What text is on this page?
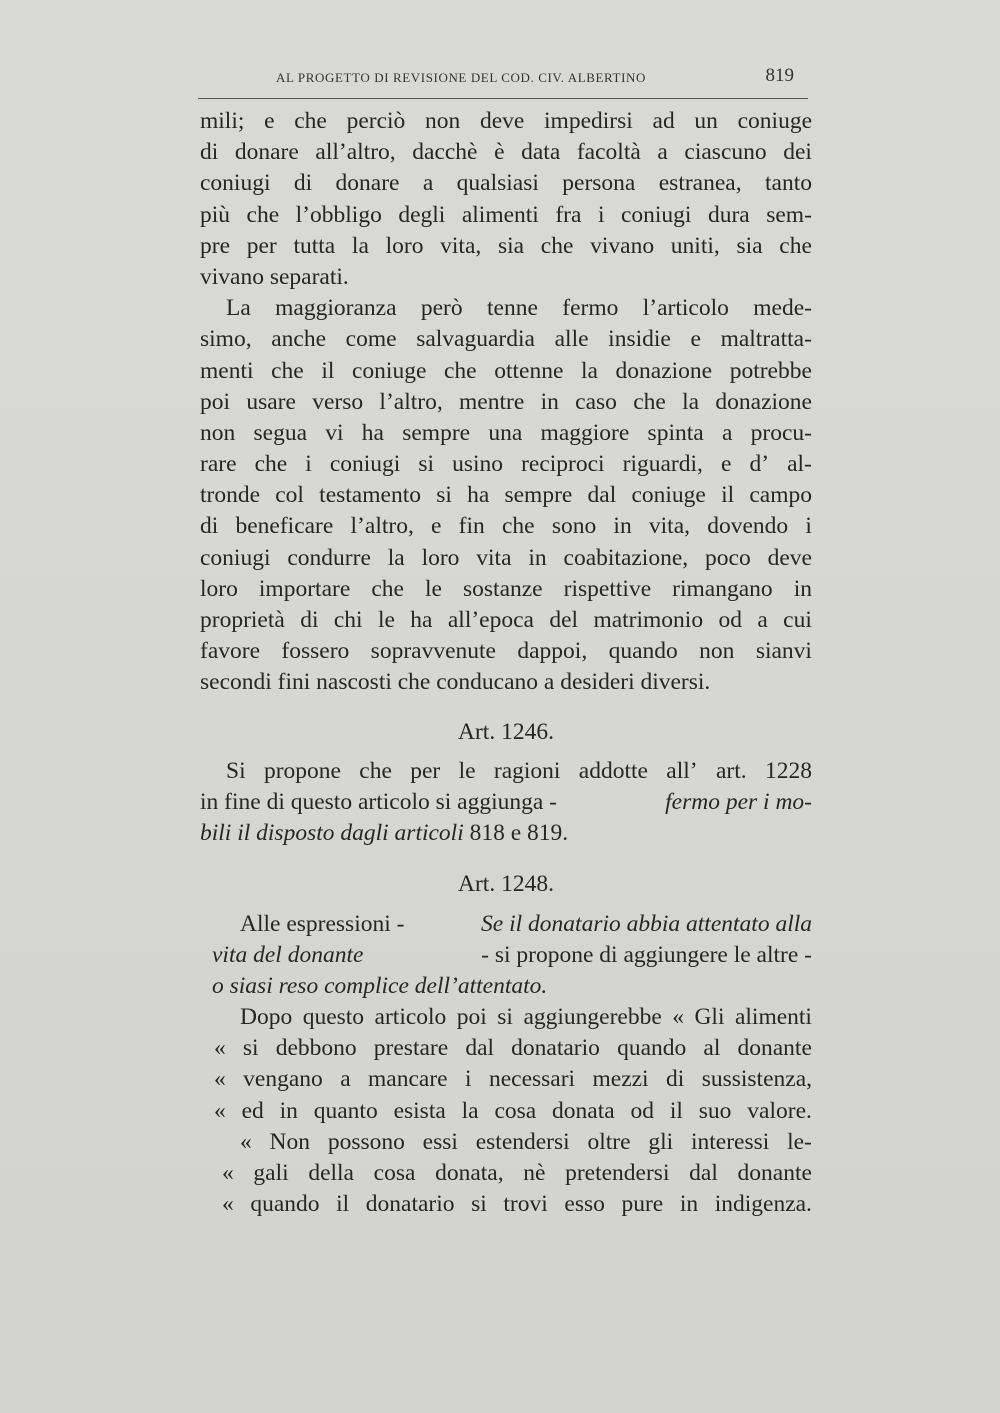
AL PROGETTO DI REVISIONE DEL COD. CIV. ALBERTINO	819
mili; e che perciò non deve impedirsi ad un coniuge
di donare all’altro, dacchè è data facoltà a ciascuno dei
coniugi di donare a qualsiasi persona estranea, tanto
più che l’obbligo degli alimenti fra i coniugi dura sem-
pre per tutta la loro vita, sia che vivano uniti, sia che
vivano separati.
La maggioranza però tenne fermo l’articolo mede-
simo, anche come salvaguardia alle insidie e maltratta-
menti che il coniuge che ottenne la donazione potrebbe
poi usare verso l’altro, mentre in caso che la donazione
non segua vi ha sempre una maggiore spinta a procu-
rare che i coniugi si usino reciproci riguardi, e d’ al-
tronde col testamento si ha sempre dal coniuge il campo
di beneficare l’altro, e fin che sono in vita, dovendo i
coniugi condurre la loro vita in coabitazione, poco deve
loro importare che le sostanze rispettive rimangano in
proprietà di chi le ha all’epoca del matrimonio od a cui
favore fossero sopravvenute dappoi, quando non sianvi
secondi fini nascosti che conducano a desideri diversi.
Art. 1246.
Si propone che per le ragioni addotte all’ art. 1228
in fine di questo articolo si aggiunga -	fermo per i mo-
bili il disposto dagli articoli 818 e 819.
Art. 1248.
Alle espressioni -	Se il donatario abbia attentato alla
vita del donante	- si propone di aggiungere le altre -
o siasi reso complice dell’attentato.
Dopo questo articolo poi si aggiungerebbe « Gli alimenti
« si debbono prestare dal donatario quando al donante
« vengano a mancare i necessari mezzi di sussistenza,
« ed in quanto esista la cosa donata od il suo valore.
« Non possono essi estendersi oltre gli interessi le-
« gali della cosa donata, nè pretendersi dal donante
« quando il donatario si trovi esso pure in indigenza.
